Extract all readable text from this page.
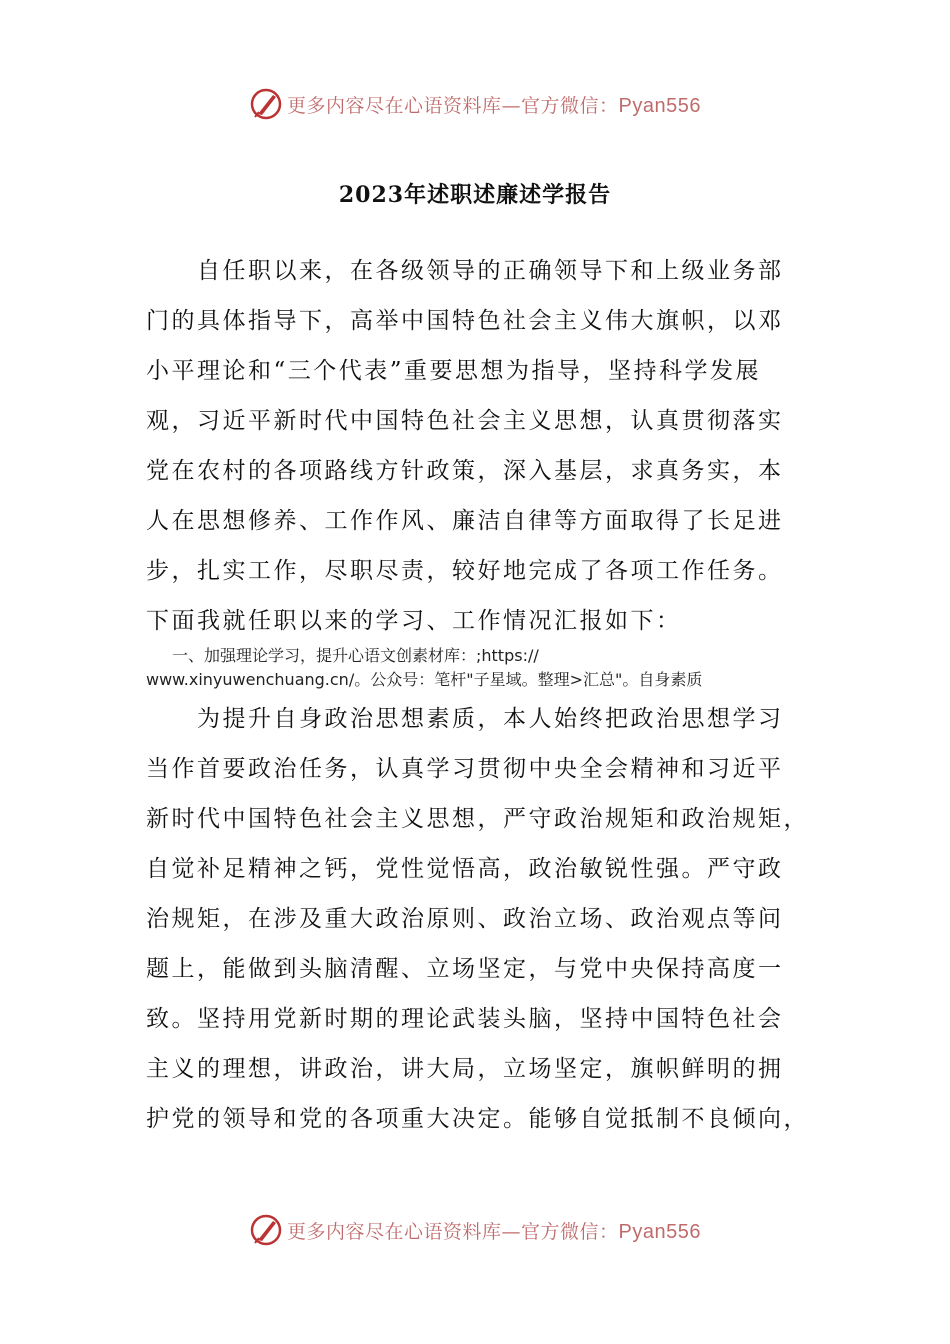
更多内容尽在心语资料库—官方微信：Pyan556
2023年述职述廉述学报告
　　自任职以来，在各级领导的正确领导下和上级业务部
门的具体指导下，高举中国特色社会主义伟大旗帜，以邓
小平理论和“三个代表”重要思想为指导，坚持科学发展
观，习近平新时代中国特色社会主义思想，认真贯彻落实
党在农村的各项路线方针政策，深入基层，求真务实，本
人在思想修养、工作作风、廉洁自律等方面取得了长足进
步，扎实工作，尽职尽责，较好地完成了各项工作任务。
下面我就任职以来的学习、工作情况汇报如下：
一、加强理论学习，提升心语文创素材库：;https://
www.xinyuwenchuang.cn/。公众号：笔杆"子星域。整理>汇总"。自身素质
　　为提升自身政治思想素质，本人始终把政治思想学习
当作首要政治任务，认真学习贯彻中央全会精神和习近平
新时代中国特色社会主义思想，严守政治规矩和政治规矩，
自觉补足精神之钙，党性觉悟高，政治敏锐性强。严守政
治规矩，在涉及重大政治原则、政治立场、政治观点等问
题上，能做到头脑清醒、立场坚定，与党中央保持高度一
致。坚持用党新时期的理论武装头脑，坚持中国特色社会
主义的理想，讲政治，讲大局，立场坚定，旗帜鲜明的拥
护党的领导和党的各项重大决定。能够自觉抵制不良倾向，
更多内容尽在心语资料库—官方微信：Pyan556
